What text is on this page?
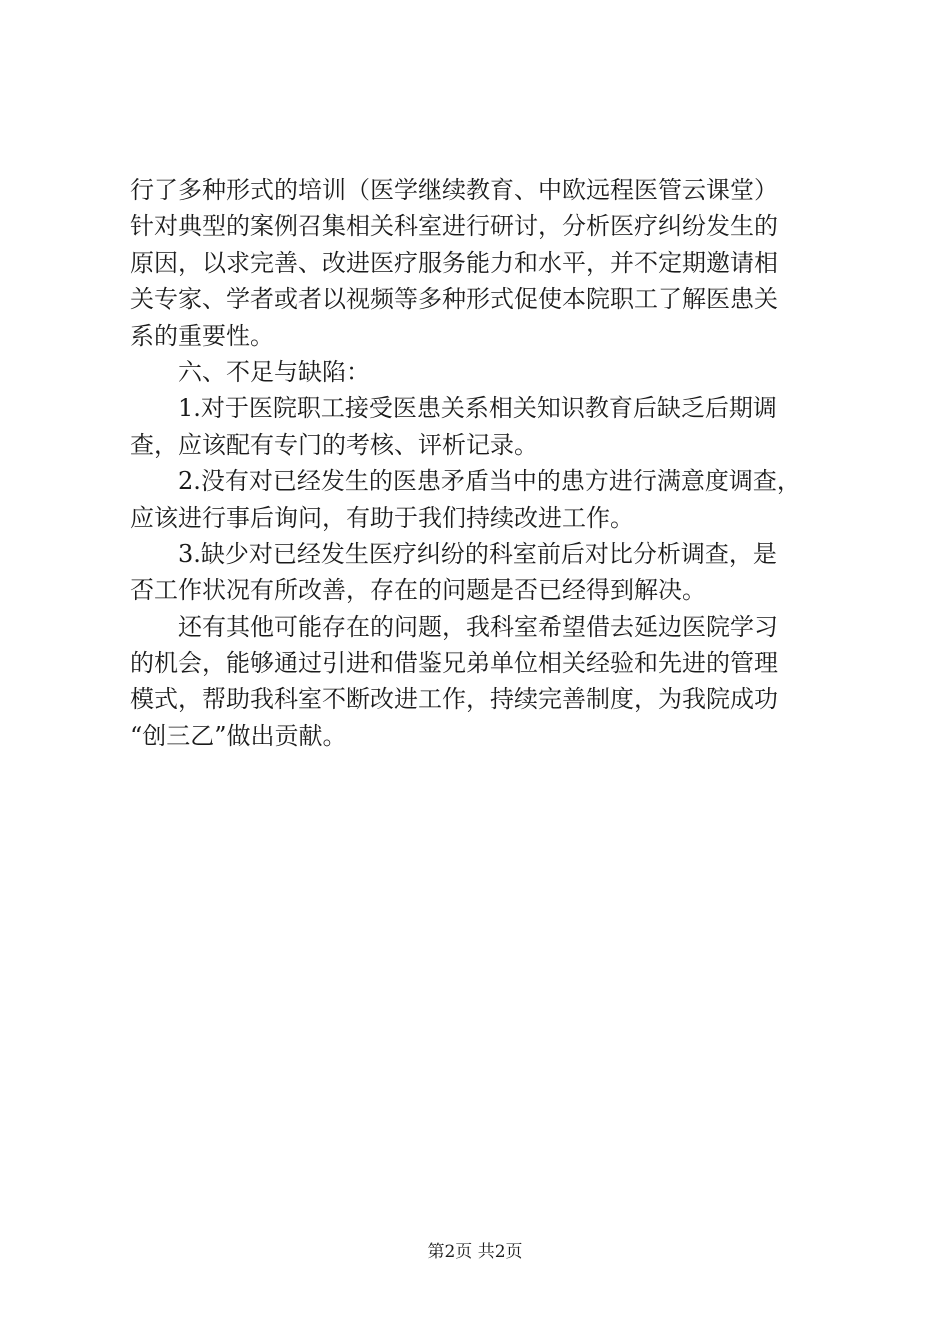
行了多种形式的培训（医学继续教育、中欧远程医管云课堂）
针对典型的案例召集相关科室进行研讨，分析医疗纠纷发生的
原因，以求完善、改进医疗服务能力和水平，并不定期邀请相
关专家、学者或者以视频等多种形式促使本院职工了解医患关
系的重要性。
　　六、不足与缺陷：
　　1.对于医院职工接受医患关系相关知识教育后缺乏后期调
查，应该配有专门的考核、评析记录。
　　2.没有对已经发生的医患矛盾当中的患方进行满意度调查，
应该进行事后询问，有助于我们持续改进工作。
　　3.缺少对已经发生医疗纠纷的科室前后对比分析调查，是
否工作状况有所改善，存在的问题是否已经得到解决。
　　还有其他可能存在的问题，我科室希望借去延边医院学习
的机会，能够通过引进和借鉴兄弟单位相关经验和先进的管理
模式，帮助我科室不断改进工作，持续完善制度，为我院成功
“创三乙”做出贡献。
第2页 共2页
